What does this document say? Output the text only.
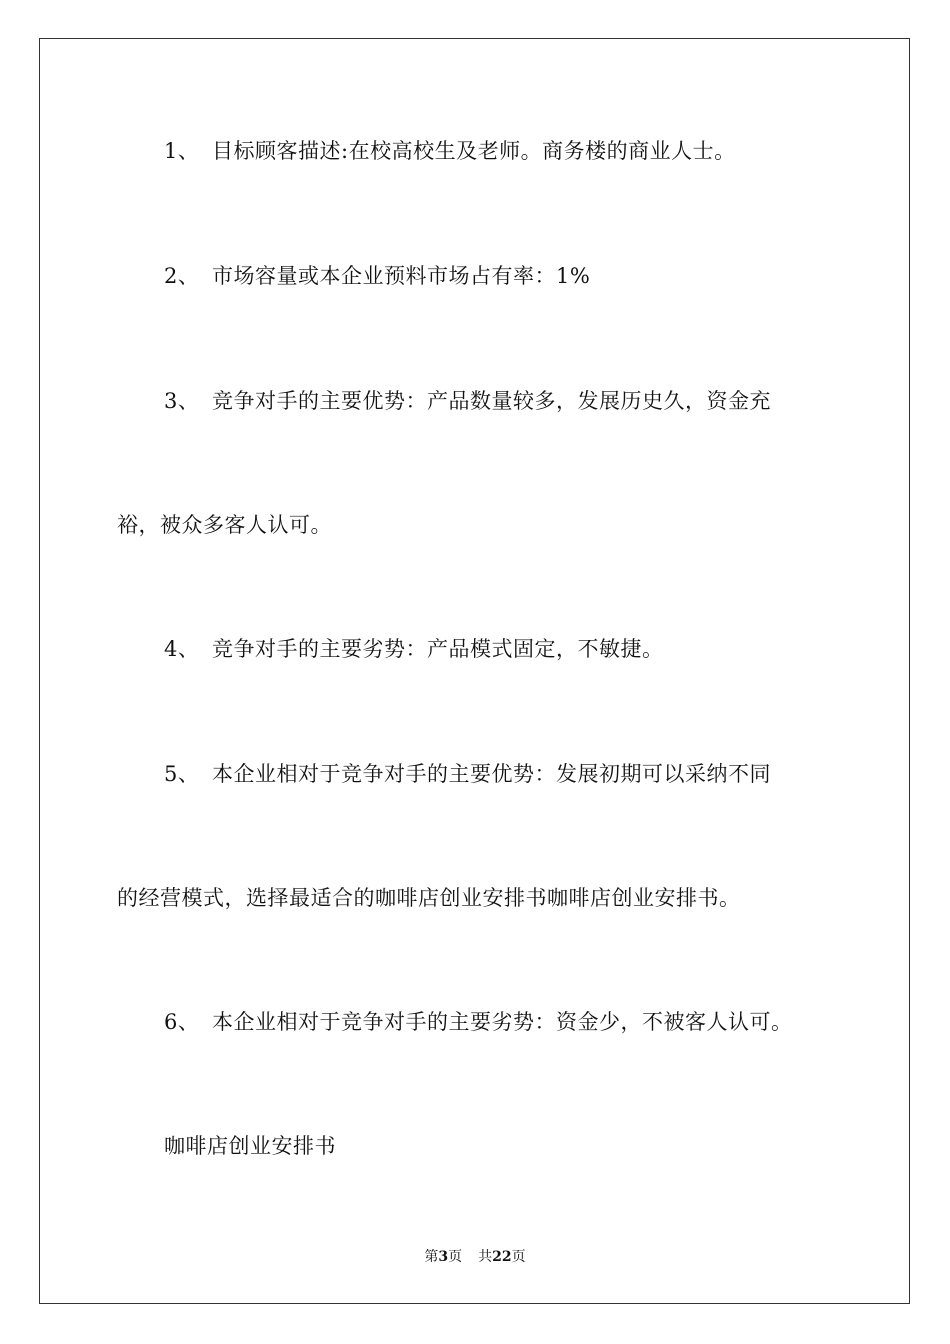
1、 目标顾客描述:在校高校生及老师。商务楼的商业人士。

2、 市场容量或本企业预料市场占有率：1%

3、 竞争对手的主要优势：产品数量较多，发展历史久，资金充

裕，被众多客人认可。

4、 竞争对手的主要劣势：产品模式固定，不敏捷。

5、 本企业相对于竞争对手的主要优势：发展初期可以采纳不同

的经营模式，选择最适合的咖啡店创业安排书咖啡店创业安排书。

6、 本企业相对于竞争对手的主要劣势：资金少，不被客人认可。

咖啡店创业安排书

第3页 共22页
